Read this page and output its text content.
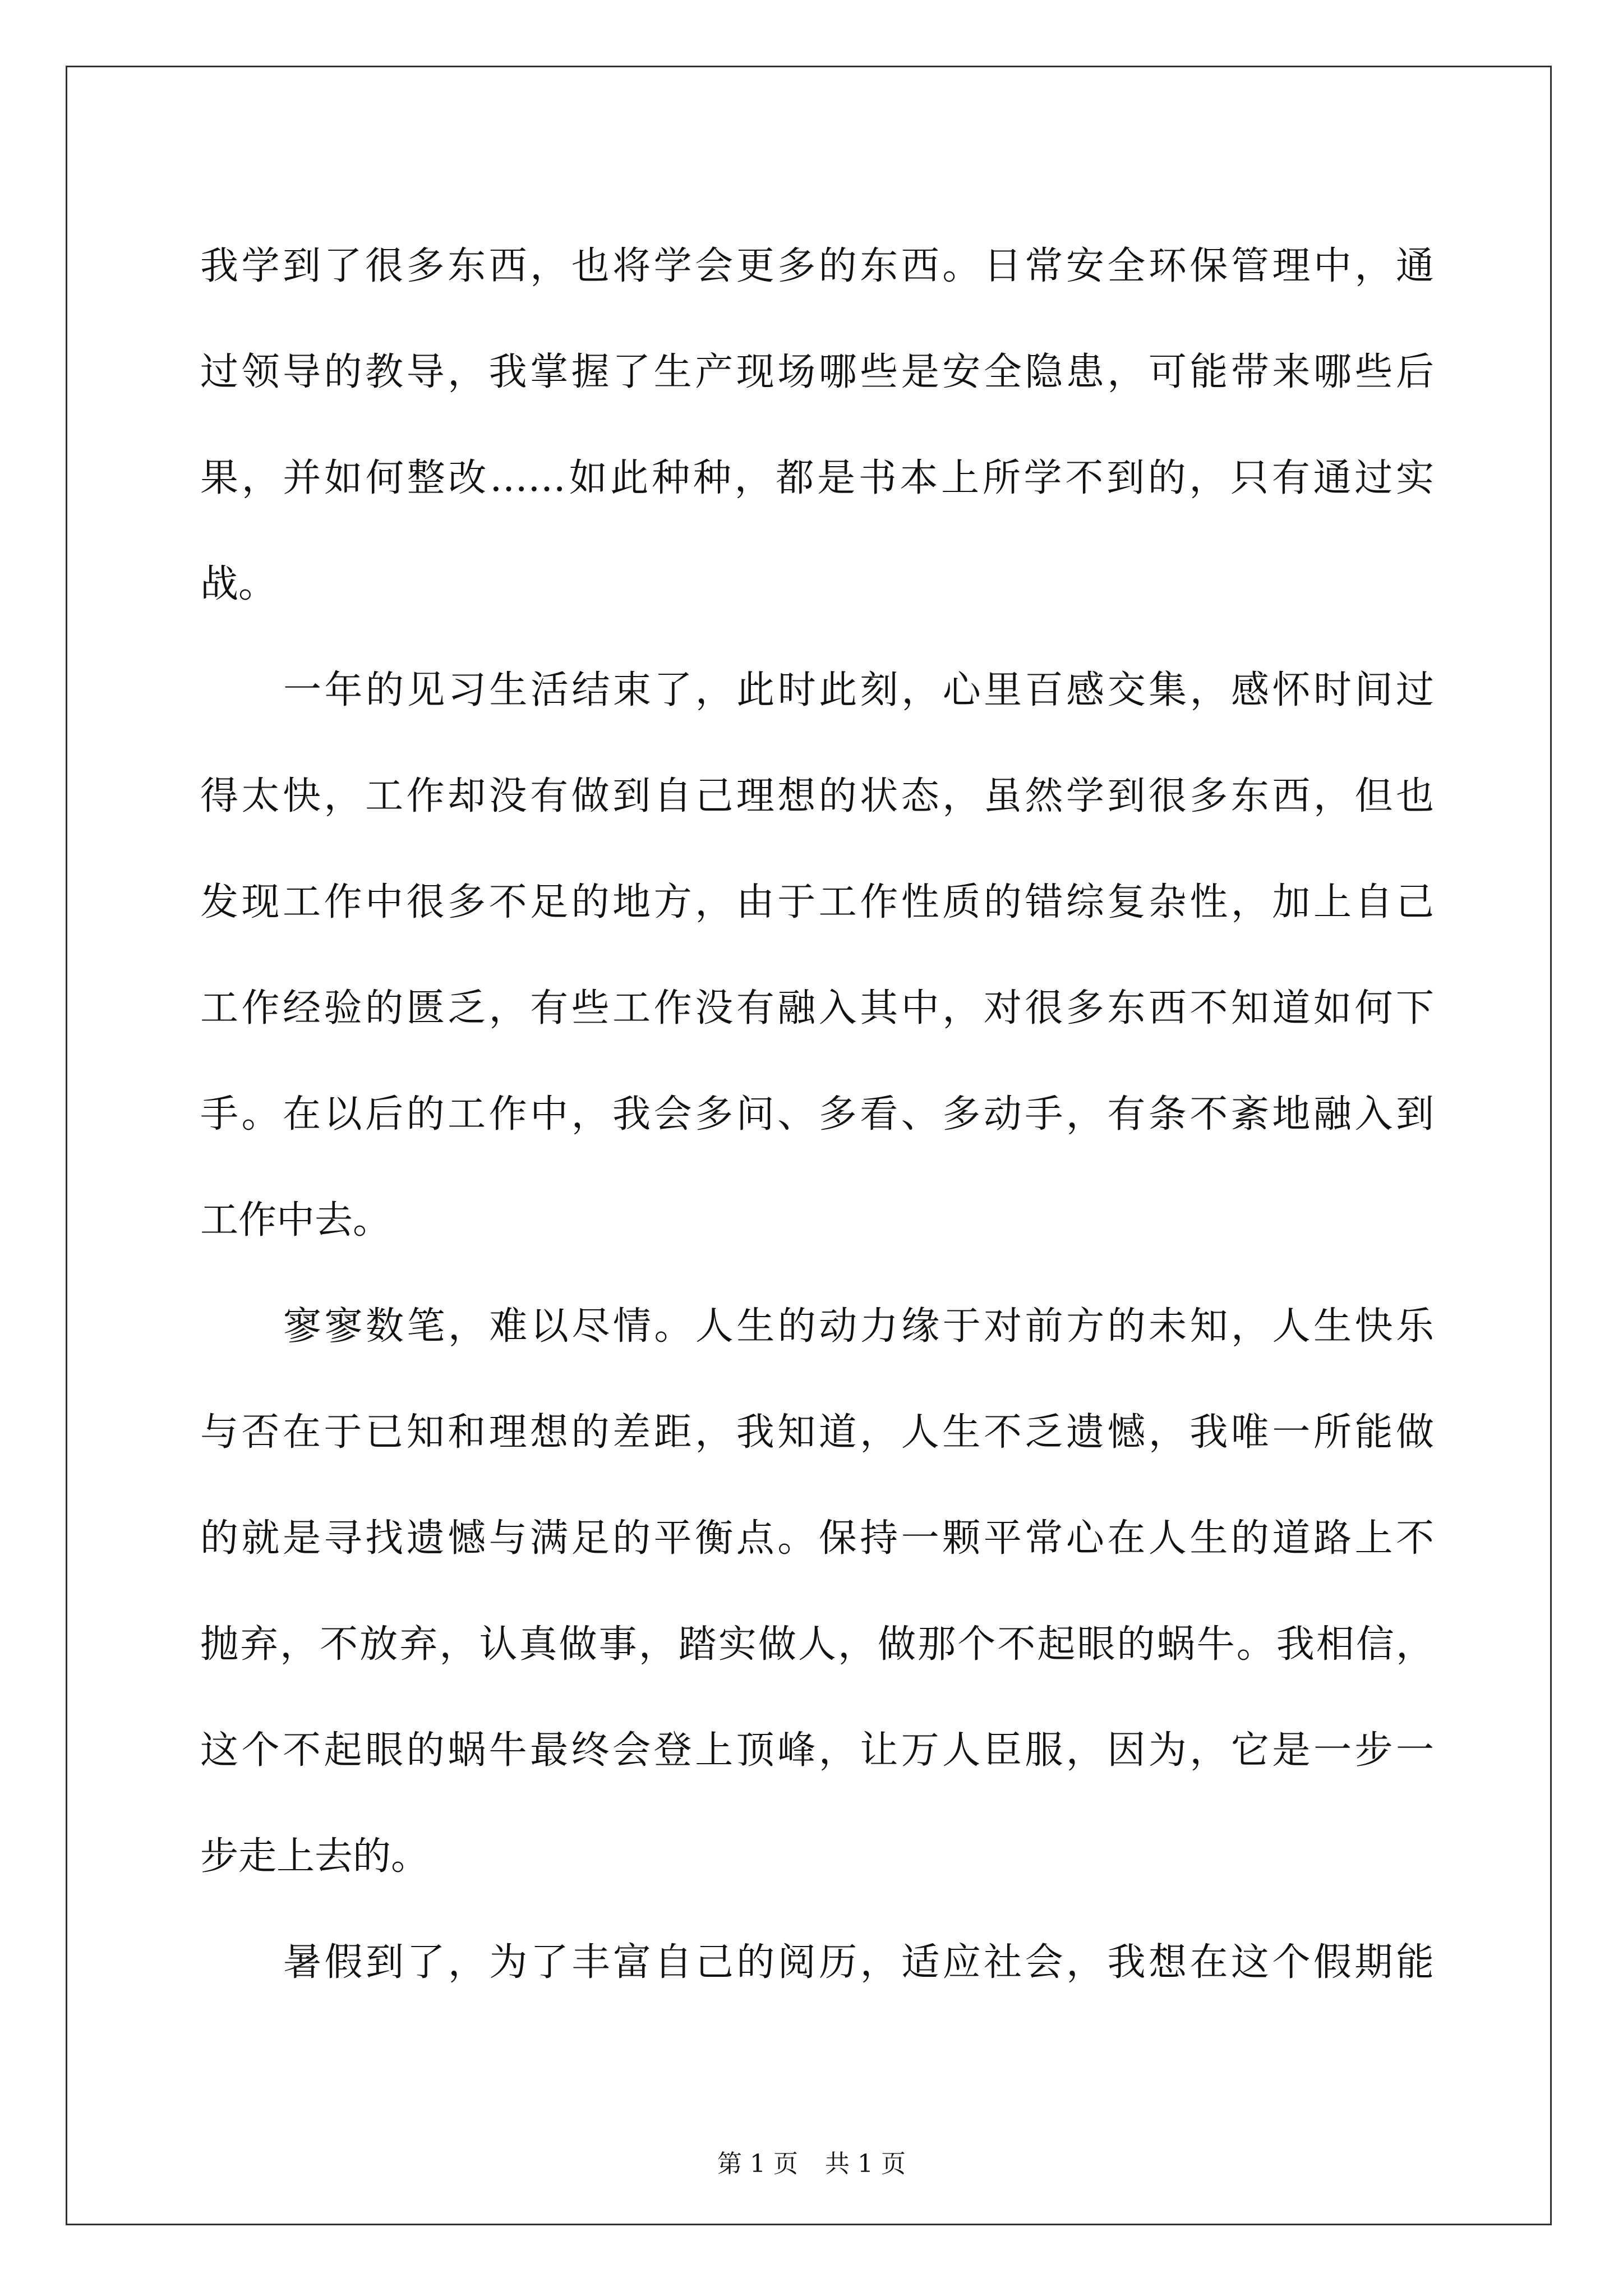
我学到了很多东西，也将学会更多的东西。日常安全环保管理中，通
过领导的教导，我掌握了生产现场哪些是安全隐患，可能带来哪些后
果，并如何整改……如此种种，都是书本上所学不到的，只有通过实
战。
一年的见习生活结束了，此时此刻，心里百感交集，感怀时间过
得太快，工作却没有做到自己理想的状态，虽然学到很多东西，但也
发现工作中很多不足的地方，由于工作性质的错综复杂性，加上自己
工作经验的匮乏，有些工作没有融入其中，对很多东西不知道如何下
手。在以后的工作中，我会多问、多看、多动手，有条不紊地融入到
工作中去。
寥寥数笔，难以尽情。人生的动力缘于对前方的未知，人生快乐
与否在于已知和理想的差距，我知道，人生不乏遗憾，我唯一所能做
的就是寻找遗憾与满足的平衡点。保持一颗平常心在人生的道路上不
抛弃，不放弃，认真做事，踏实做人，做那个不起眼的蜗牛。我相信，
这个不起眼的蜗牛最终会登上顶峰，让万人臣服，因为，它是一步一
步走上去的。
暑假到了，为了丰富自己的阅历，适应社会，我想在这个假期能
第 1 页 共 1 页
